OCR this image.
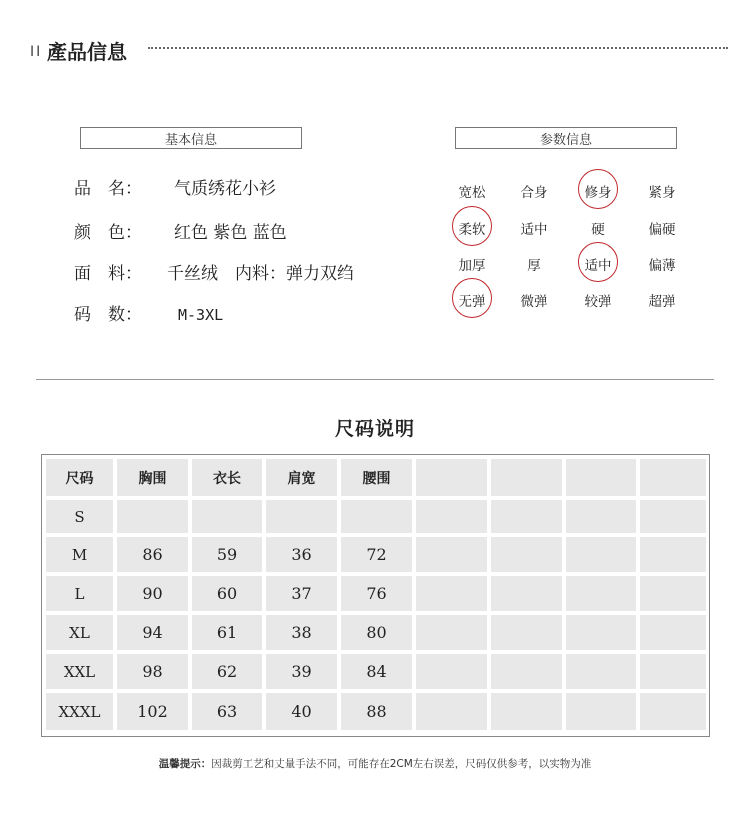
II 產品信息
基本信息	参数信息
品　名：	气质绣花小衫
颜　色：	红色 紫色 蓝色
面　料：	千丝绒　内料：弹力双绉
码　数：	M-3XL
宽松	合身	修身	紧身
柔软	适中	硬	偏硬
加厚	厚	适中	偏薄
无弹	微弹	较弹	超弹
尺码说明
尺码	胸围	衣长	肩宽	腰围
S
M	86	59	36	72
L	90	60	37	76
XL	94	61	38	80
XXL	98	62	39	84
XXXL	102	63	40	88
温馨提示：因裁剪工艺和丈量手法不同，可能存在2CM左右误差，尺码仅供参考，以实物为准
